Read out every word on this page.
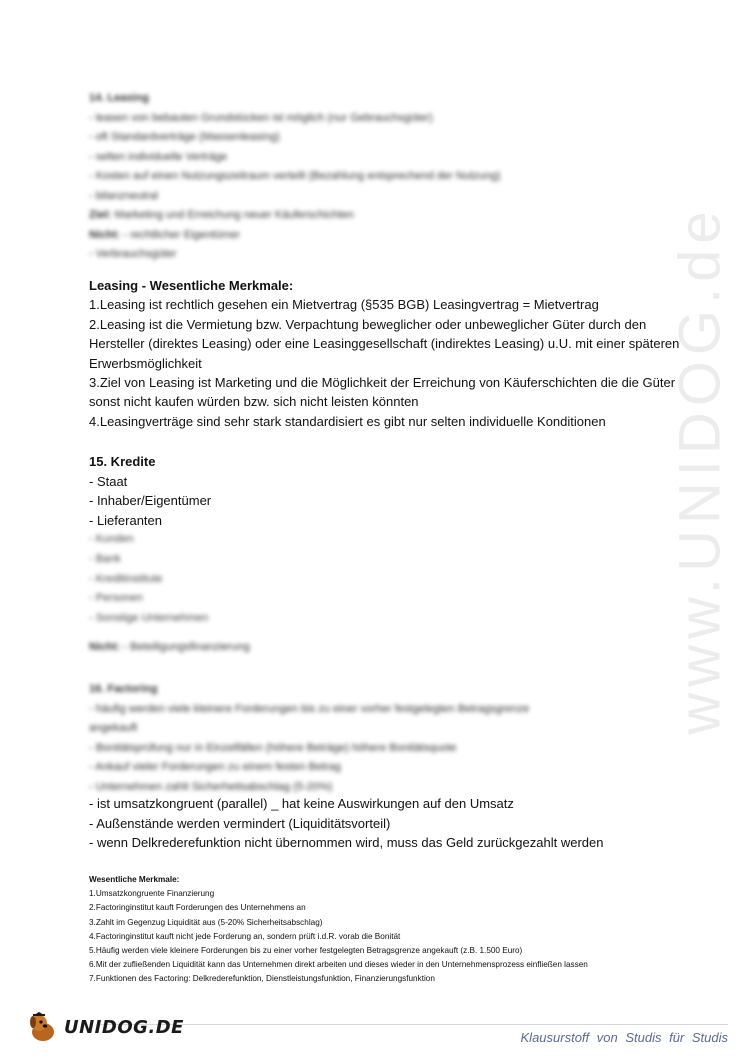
www.UNIDOG.de
14. Leasing
- leasen von bebauten Grundstücken ist möglich (nur Gebrauchsgüter)
- oft Standardverträge (Massenleasing)
- selten individuelle Verträge
- Kosten auf einen Nutzungszeitraum verteilt (Bezahlung entsprechend der Nutzung)
- bilanzneutral
Ziel: Marketing und Erreichung neuer Käuferschichten
Nicht: - rechtlicher Eigentümer
- Verbrauchsgüter
Leasing - Wesentliche Merkmale:
1.Leasing ist rechtlich gesehen ein Mietvertrag (§535 BGB) Leasingvertrag = Mietvertrag
2.Leasing ist die Vermietung bzw. Verpachtung beweglicher oder unbeweglicher Güter durch den Hersteller (direktes Leasing) oder eine Leasinggesellschaft (indirektes Leasing) u.U. mit einer späteren Erwerbsmöglichkeit
3.Ziel von Leasing ist Marketing und die Möglichkeit der Erreichung von Käuferschichten die die Güter sonst nicht kaufen würden bzw. sich nicht leisten könnten
4.Leasingverträge sind sehr stark standardisiert es gibt nur selten individuelle Konditionen
15. Kredite
- Staat
- Inhaber/Eigentümer
- Lieferanten
- Kunden
- Bank
- Kreditinstitute
- Personen
- Sonstige Unternehmen
Nicht: - Beteiligungsfinanzierung
16. Factoring
- häufig werden viele kleinere Forderungen bis zu einer vorher festgelegten Betragsgrenze angekauft
- Bonitätsprüfung nur in Einzelfällen (höhere Beträge) höhere Bonitätsquote
- Ankauf vieler Forderungen zu einem festen Betrag
- Unternehmen zahlt Sicherheitsabschlag (5-20%)
- ist umsatzkongruent (parallel) _ hat keine Auswirkungen auf den Umsatz
- Außenstände werden vermindert (Liquiditätsvorteil)
- wenn Delkrederefunktion nicht übernommen wird, muss das Geld zurückgezahlt werden
Wesentliche Merkmale:
1.Umsatzkongruente Finanzierung
2.Factoringinstitut kauft Forderungen des Unternehmens an
3.Zahlt im Gegenzug Liquidität aus (5-20% Sicherheitsabschlag)
4.Factoringinstitut kauft nicht jede Forderung an, sondern prüft i.d.R. vorab die Bonität
5.Häufig werden viele kleinere Forderungen bis zu einer vorher festgelegten Betragsgrenze angekauft (z.B. 1.500 Euro)
6.Mit der zufließenden Liquidität kann das Unternehmen direkt arbeiten und dieses wieder in den Unternehmensprozess einfließen lassen
7.Funktionen des Factoring: Delkrederefunktion, Dienstleistungsfunktion, Finanzierungsfunktion
UNIDOG.DE	Klausurstoff von Studis für Studis
